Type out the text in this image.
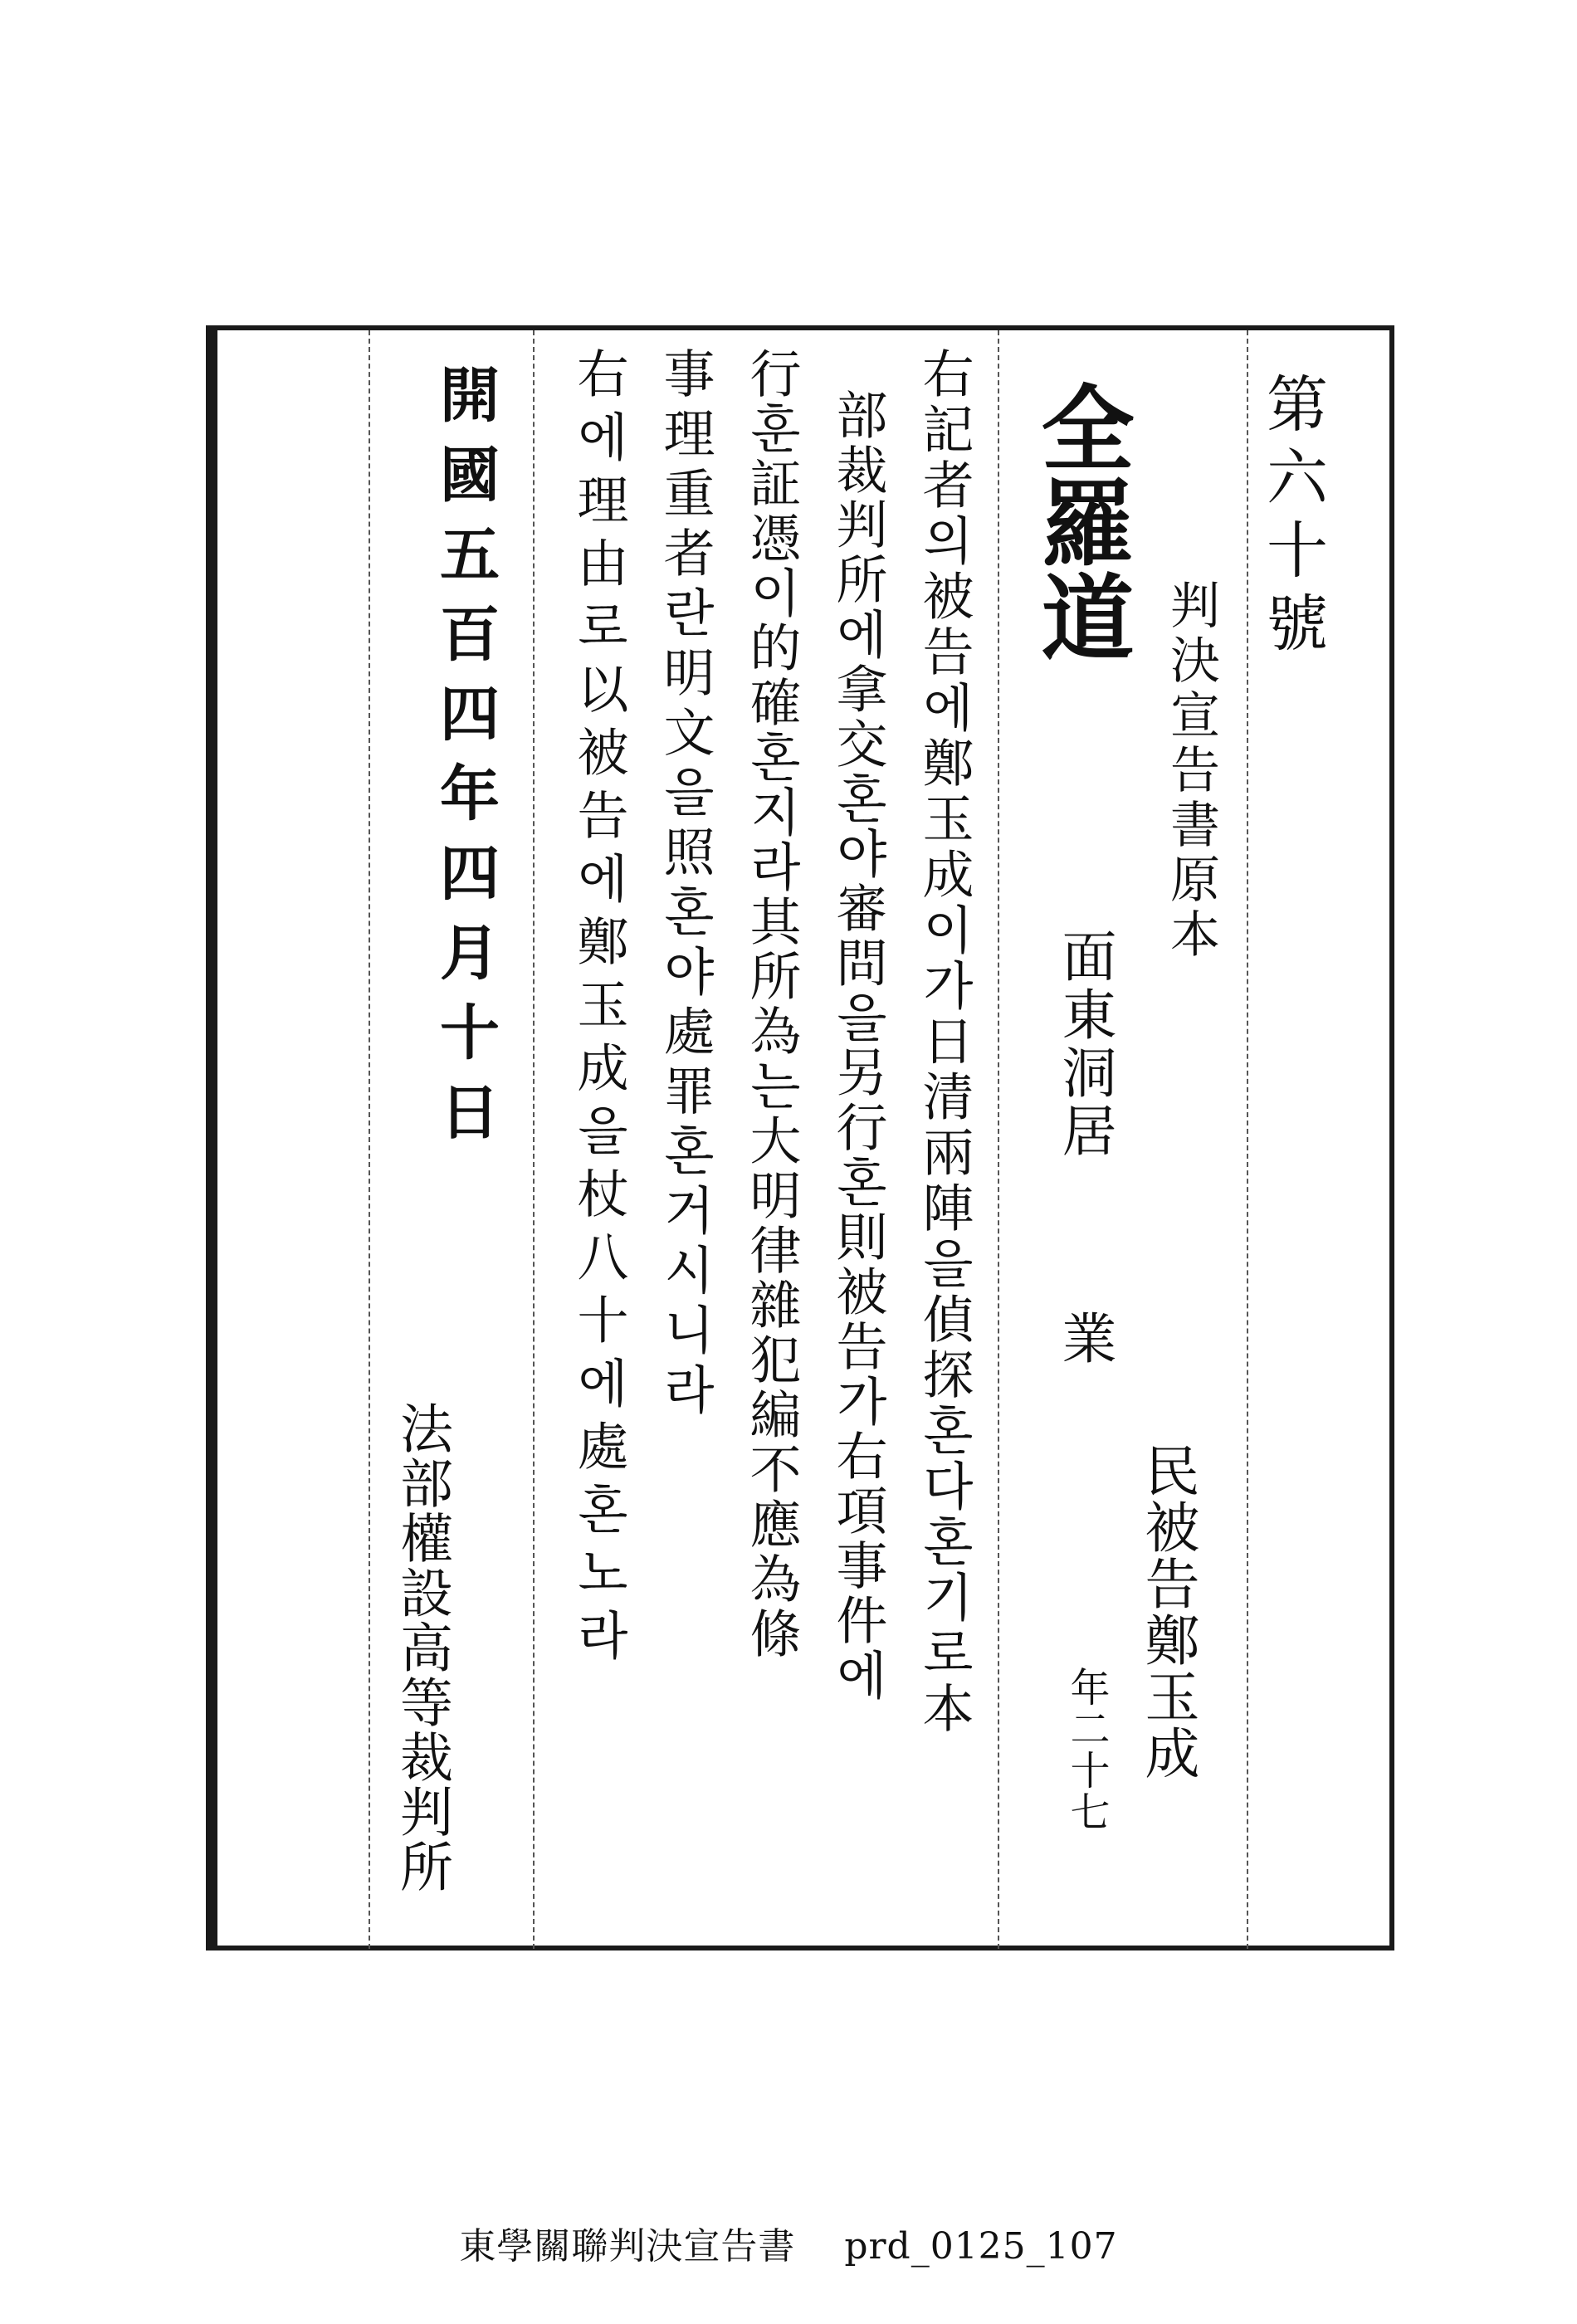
第六十號
判決宣告書原本
全羅道
面東洞居
業
民被告鄭玉成
年二十七
右記者의被告에鄭玉成이가日清兩陣을偵探혼다혼기로本
部裁判所에拿交혼야審問을另行혼則被告가右項事件에
行훈証憑이的確혼지라其所為는大明律雜犯編不應為條
事理重者란明文을照혼야處罪혼거시니라
右에理由로以被告에鄭玉成을杖八十에處혼노라
開國五百四年四月十日
法部權設高等裁判所
東學關聯判決宣告書 prd_0125_107
